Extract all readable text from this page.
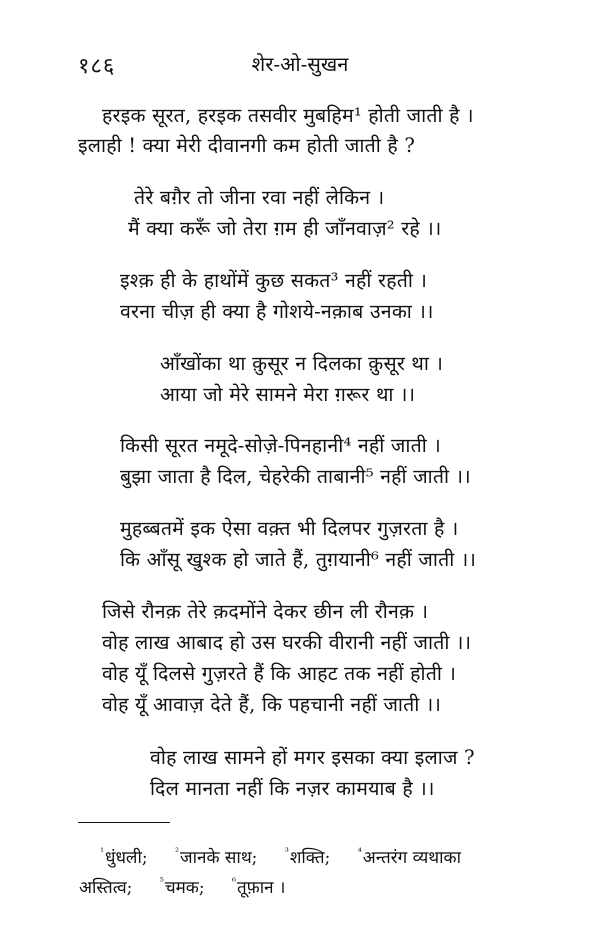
१८६	शेर-ओ-सुखन
हरइक सूरत, हरइक तसवीर मुबहिम¹ होती जाती है ।
इलाही ! क्या मेरी दीवानगी कम होती जाती है ?
तेरे बग़ैर तो जीना रवा नहीं लेकिन ।
मैं क्या करूँ जो तेरा ग़म ही जाँनवाज़² रहे ।।
इश्क़ ही के हाथोंमें कुछ सकत³ नहीं रहती ।
वरना चीज़ ही क्या है गोशये-नक़ाब उनका ।।
आँखोंका था क़ुसूर न दिलका क़ुसूर था ।
आया जो मेरे सामने मेरा ग़रूर था ।।
किसी सूरत नमूदे-सोज़े-पिनहानी⁴ नहीं जाती ।
बुझा जाता है दिल, चेहरेकी ताबानी⁵ नहीं जाती ।।
मुहब्बतमें इक ऐसा वक़्त भी दिलपर गुज़रता है ।
कि आँसू खुश्क हो जाते हैं, तुग़यानी⁶ नहीं जाती ।।
जिसे रौनक़ तेरे क़दमोंने देकर छीन ली रौनक़ ।
वोह लाख आबाद हो उस घरकी वीरानी नहीं जाती ।।
वोह यूँ दिलसे गुज़रते हैं कि आहट तक नहीं होती ।
वोह यूँ आवाज़ देते हैं, कि पहचानी नहीं जाती ।।
वोह लाख सामने हों मगर इसका क्या इलाज ?
दिल मानता नहीं कि नज़र कामयाब है ।।
$^{^1}$धुंधली;	$^{^2}$जानके साथ;	$^{^3}$शक्ति;	$^{^4}$अन्तरंग व्यथाका
अस्तित्व;	$^{^5}$चमक;	$^{^6}$तूफ़ान ।
